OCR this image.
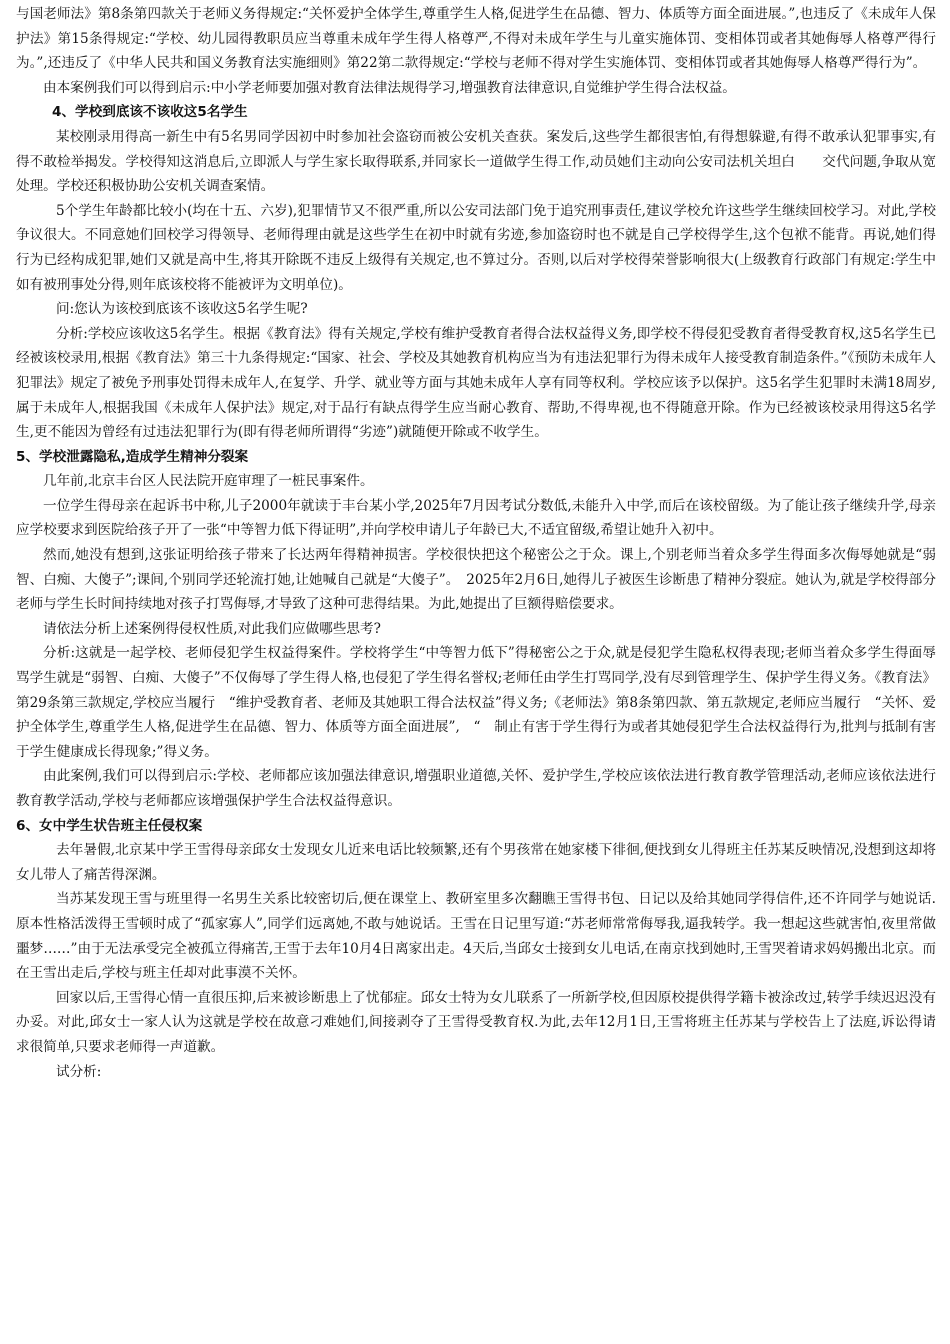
与国老师法》第8条第四款关于老师义务得规定:“关怀爱护全体学生,尊重学生人格,促进学生在品德、智力、体质等方面全面进展。”,也违反了《未成年人保护法》第15条得规定:“学校、幼儿园得教职员应当尊重未成年学生得人格尊严,不得对未成年学生与儿童实施体罚、变相体罚或者其她侮辱人格尊严得行为。”,还违反了《中华人民共和国义务教育法实施细则》第22第二款得规定:“学校与老师不得对学生实施体罚、变相体罚或者其她侮辱人格尊严得行为”。

由本案例我们可以得到启示:中小学老师要加强对教育法律法规得学习,增强教育法律意识,自觉维护学生得合法权益。

4、学校到底该不该收这5名学生

某校刚录用得高一新生中有5名男同学因初中时参加社会盗窃而被公安机关查获。案发后,这些学生都很害怕,有得想躲避,有得不敢承认犯罪事实,有得不敢检举揭发。学校得知这消息后,立即派人与学生家长取得联系,并同家长一道做学生得工作,动员她们主动向公安司法机关坦白　　交代问题,争取从宽处理。学校还积极协助公安机关调查案情。

5个学生年龄都比较小(均在十五、六岁),犯罪情节又不很严重,所以公安司法部门免于追究刑事责任,建议学校允许这些学生继续回校学习。对此,学校争议很大。不同意她们回校学习得领导、老师得理由就是这些学生在初中时就有劣迹,参加盗窃时也不就是自己学校得学生,这个包袱不能背。再说,她们得行为已经构成犯罪,她们又就是高中生,将其开除既不违反上级得有关规定,也不算过分。否则,以后对学校得荣誉影响很大(上级教育行政部门有规定:学生中如有被刑事处分得,则年底该校将不能被评为文明单位)。

问:您认为该校到底该不该收这5名学生呢?

分析:学校应该收这5名学生。根据《教育法》得有关规定,学校有维护受教育者得合法权益得义务,即学校不得侵犯受教育者得受教育权,这5名学生已经被该校录用,根据《教育法》第三十九条得规定:“国家、社会、学校及其她教育机构应当为有违法犯罪行为得未成年人接受教育制造条件。”《预防未成年人犯罪法》规定了被免予刑事处罚得未成年人,在复学、升学、就业等方面与其她未成年人享有同等权利。学校应该予以保护。这5名学生犯罪时未满18周岁,属于未成年人,根据我国《未成年人保护法》规定,对于品行有缺点得学生应当耐心教育、帮助,不得卑视,也不得随意开除。作为已经被该校录用得这5名学生,更不能因为曾经有过违法犯罪行为(即有得老师所谓得“劣迹”)就随便开除或不收学生。

5、学校泄露隐私,造成学生精神分裂案

几年前,北京丰台区人民法院开庭审理了一桩民事案件。

一位学生得母亲在起诉书中称,儿子2000年就读于丰台某小学,2025年7月因考试分数低,未能升入中学,而后在该校留级。为了能让孩子继续升学,母亲应学校要求到医院给孩子开了一张“中等智力低下得证明”,并向学校申请儿子年龄已大,不适宜留级,希望让她升入初中。

然而,她没有想到,这张证明给孩子带来了长达两年得精神损害。学校很快把这个秘密公之于众。课上,个别老师当着众多学生得面多次侮辱她就是“弱智、白痴、大傻子”;课间,个别同学还轮流打她,让她喊自己就是“大傻子”。　2025年2月6日,她得儿子被医生诊断患了精神分裂症。她认为,就是学校得部分老师与学生长时间持续地对孩子打骂侮辱,才导致了这种可悲得结果。为此,她提出了巨额得赔偿要求。

请依法分析上述案例得侵权性质,对此我们应做哪些思考?

分析:这就是一起学校、老师侵犯学生权益得案件。学校将学生“中等智力低下”得秘密公之于众,就是侵犯学生隐私权得表现;老师当着众多学生得面辱骂学生就是“弱智、白痴、大傻子”不仅侮辱了学生得人格,也侵犯了学生得名誉权;老师任由学生打骂同学,没有尽到管理学生、保护学生得义务。《教育法》第29条第三款规定,学校应当履行　“维护受教育者、老师及其她职工得合法权益”得义务;《老师法》第8条第四款、第五款规定,老师应当履行　“关怀、爱护全体学生,尊重学生人格,促进学生在品德、智力、体质等方面全面进展”,　“　制止有害于学生得行为或者其她侵犯学生合法权益得行为,批判与抵制有害于学生健康成长得现象;”得义务。

由此案例,我们可以得到启示:学校、老师都应该加强法律意识,增强职业道德,关怀、爱护学生,学校应该依法进行教育教学管理活动,老师应该依法进行教育教学活动,学校与老师都应该增强保护学生合法权益得意识。

6、女中学生状告班主任侵权案

去年暑假,北京某中学王雪得母亲邱女士发现女儿近来电话比较频繁,还有个男孩常在她家楼下徘徊,便找到女儿得班主任苏某反映情况,没想到这却将女儿带人了痛苦得深渊。

当苏某发现王雪与班里得一名男生关系比较密切后,便在课堂上、教研室里多次翻瞧王雪得书包、日记以及给其她同学得信件,还不许同学与她说话.原本性格活泼得王雪顿时成了“孤家寡人”,同学们远离她,不敢与她说话。王雪在日记里写道:“苏老师常常侮辱我,逼我转学。我一想起这些就害怕,夜里常做噩梦……”由于无法承受完全被孤立得痛苦,王雪于去年10月4日离家出走。4天后,当邱女士接到女儿电话,在南京找到她时,王雪哭着请求妈妈搬出北京。而在王雪出走后,学校与班主任却对此事漠不关怀。

回家以后,王雪得心情一直很压抑,后来被诊断患上了忧郁症。邱女士特为女儿联系了一所新学校,但因原校提供得学籍卡被涂改过,转学手续迟迟没有办妥。对此,邱女士一家人认为这就是学校在故意刁难她们,间接剥夺了王雪得受教育权.为此,去年12月1日,王雪将班主任苏某与学校告上了法庭,诉讼得请求很简单,只要求老师得一声道歉。

试分析:
